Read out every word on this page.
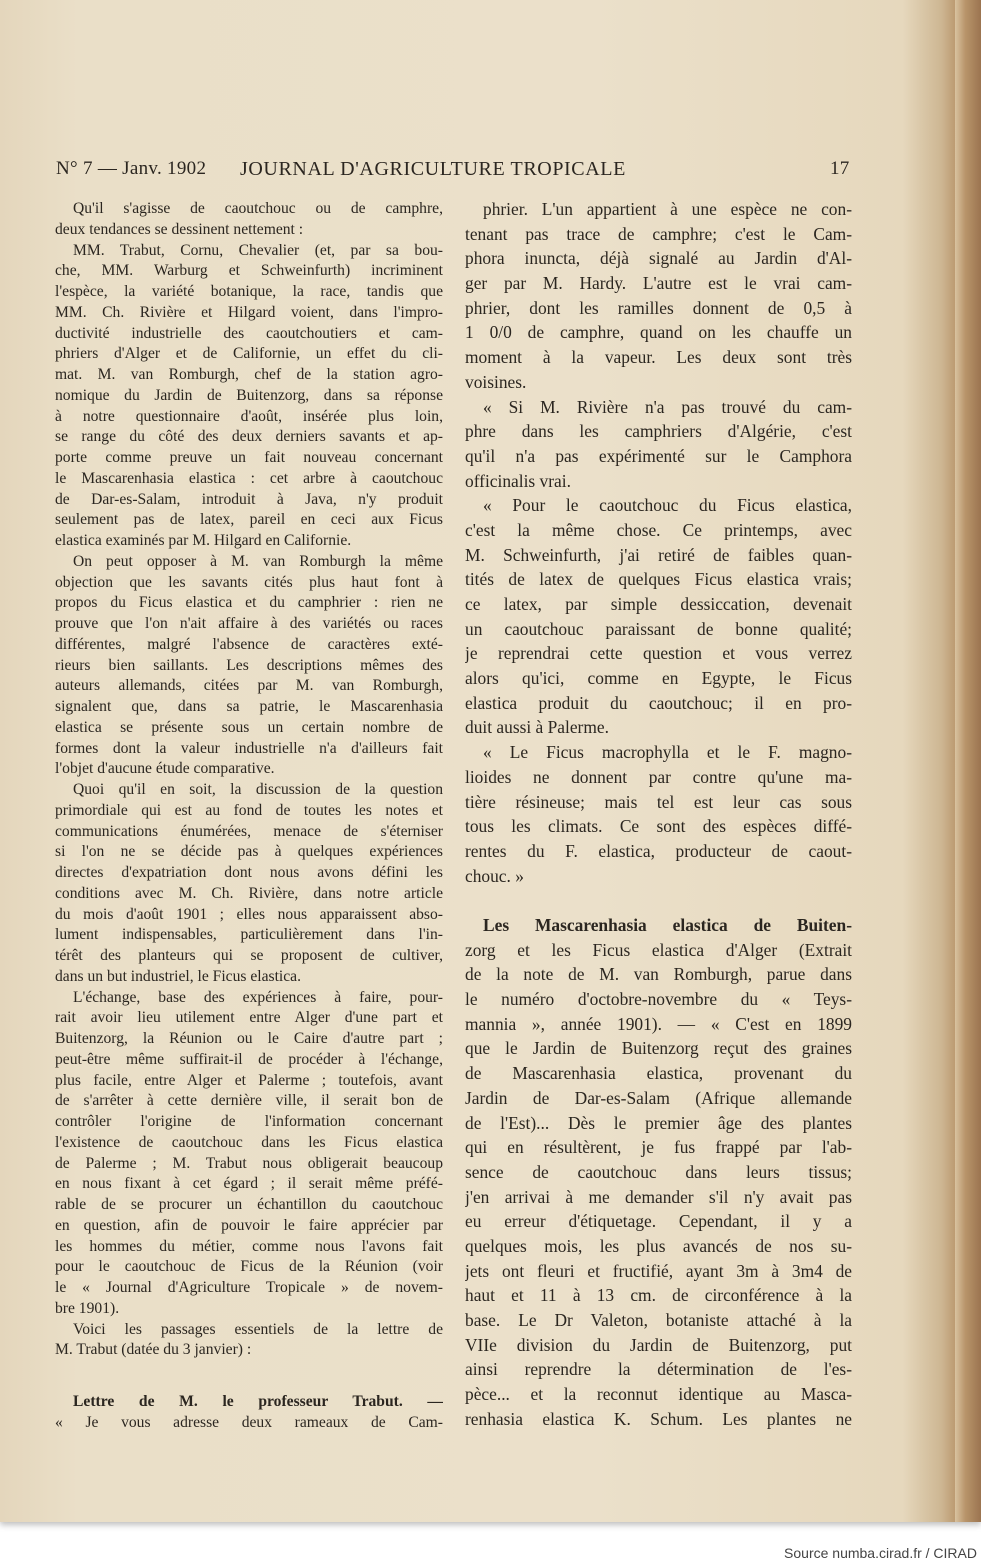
N° 7 — Janv. 1902 JOURNAL D'AGRICULTURE TROPICALE	17
Qu'il s'agisse de caoutchouc ou de camphre,
deux tendances se dessinent nettement :
MM. Trabut, Cornu, Chevalier (et, par sa bou-
che, MM. Warburg et Schweinfurth) incriminent
l'espèce, la variété botanique, la race, tandis que
MM. Ch. Rivière et Hilgard voient, dans l'impro-
ductivité industrielle des caoutchoutiers et cam-
phriers d'Alger et de Californie, un effet du cli-
mat. M. van Romburgh, chef de la station agro-
nomique du Jardin de Buitenzorg, dans sa réponse
à notre questionnaire d'août, insérée plus loin,
se range du côté des deux derniers savants et ap-
porte comme preuve un fait nouveau concernant
le Mascarenhasia elastica : cet arbre à caoutchouc
de Dar-es-Salam, introduit à Java, n'y produit
seulement pas de latex, pareil en ceci aux Ficus
elastica examinés par M. Hilgard en Californie.
On peut opposer à M. van Romburgh la même
objection que les savants cités plus haut font à
propos du Ficus elastica et du camphrier : rien ne
prouve que l'on n'ait affaire à des variétés ou races
différentes, malgré l'absence de caractères exté-
rieurs bien saillants. Les descriptions mêmes des
auteurs allemands, citées par M. van Romburgh,
signalent que, dans sa patrie, le Mascarenhasia
elastica se présente sous un certain nombre de
formes dont la valeur industrielle n'a d'ailleurs fait
l'objet d'aucune étude comparative.
Quoi qu'il en soit, la discussion de la question
primordiale qui est au fond de toutes les notes et
communications énumérées, menace de s'éterniser
si l'on ne se décide pas à quelques expériences
directes d'expatriation dont nous avons défini les
conditions avec M. Ch. Rivière, dans notre article
du mois d'août 1901 ; elles nous apparaissent abso-
lument indispensables, particulièrement dans l'in-
térêt des planteurs qui se proposent de cultiver,
dans un but industriel, le Ficus elastica.
L'échange, base des expériences à faire, pour-
rait avoir lieu utilement entre Alger d'une part et
Buitenzorg, la Réunion ou le Caire d'autre part ;
peut-être même suffirait-il de procéder à l'échange,
plus facile, entre Alger et Palerme ; toutefois, avant
de s'arrêter à cette dernière ville, il serait bon de
contrôler l'origine de l'information concernant
l'existence de caoutchouc dans les Ficus elastica
de Palerme ; M. Trabut nous obligerait beaucoup
en nous fixant à cet égard ; il serait même préfé-
rable de se procurer un échantillon du caoutchouc
en question, afin de pouvoir le faire apprécier par
les hommes du métier, comme nous l'avons fait
pour le caoutchouc de Ficus de la Réunion (voir
le « Journal d'Agriculture Tropicale » de novem-
bre 1901).
Voici les passages essentiels de la lettre de
M. Trabut (datée du 3 janvier) :
Lettre de M. le professeur Trabut. —
« Je vous adresse deux rameaux de Cam-
phrier. L'un appartient à une espèce ne con-
tenant pas trace de camphre; c'est le Cam-
phora inuncta, déjà signalé au Jardin d'Al-
ger par M. Hardy. L'autre est le vrai cam-
phrier, dont les ramilles donnent de 0,5 à
1 0/0 de camphre, quand on les chauffe un
moment à la vapeur. Les deux sont très
voisines.
« Si M. Rivière n'a pas trouvé du cam-
phre dans les camphriers d'Algérie, c'est
qu'il n'a pas expérimenté sur le Camphora
officinalis vrai.
« Pour le caoutchouc du Ficus elastica,
c'est la même chose. Ce printemps, avec
M. Schweinfurth, j'ai retiré de faibles quan-
tités de latex de quelques Ficus elastica vrais;
ce latex, par simple dessiccation, devenait
un caoutchouc paraissant de bonne qualité;
je reprendrai cette question et vous verrez
alors qu'ici, comme en Egypte, le Ficus
elastica produit du caoutchouc; il en pro-
duit aussi à Palerme.
« Le Ficus macrophylla et le F. magno-
lioides ne donnent par contre qu'une ma-
tière résineuse; mais tel est leur cas sous
tous les climats. Ce sont des espèces diffé-
rentes du F. elastica, producteur de caout-
chouc. »
Les Mascarenhasia elastica de Buiten-
zorg et les Ficus elastica d'Alger (Extrait
de la note de M. van Romburgh, parue dans
le numéro d'octobre-novembre du « Teys-
mannia », année 1901). — « C'est en 1899
que le Jardin de Buitenzorg reçut des graines
de Mascarenhasia elastica, provenant du
Jardin de Dar-es-Salam (Afrique allemande
de l'Est)... Dès le premier âge des plantes
qui en résultèrent, je fus frappé par l'ab-
sence de caoutchouc dans leurs tissus;
j'en arrivai à me demander s'il n'y avait pas
eu erreur d'étiquetage. Cependant, il y a
quelques mois, les plus avancés de nos su-
jets ont fleuri et fructifié, ayant 3m à 3m4 de
haut et 11 à 13 cm. de circonférence à la
base. Le Dr Valeton, botaniste attaché à la
VIIe division du Jardin de Buitenzorg, put
ainsi reprendre la détermination de l'es-
pèce... et la reconnut identique au Masca-
renhasia elastica K. Schum. Les plantes ne
Source numba.cirad.fr / CIRAD
